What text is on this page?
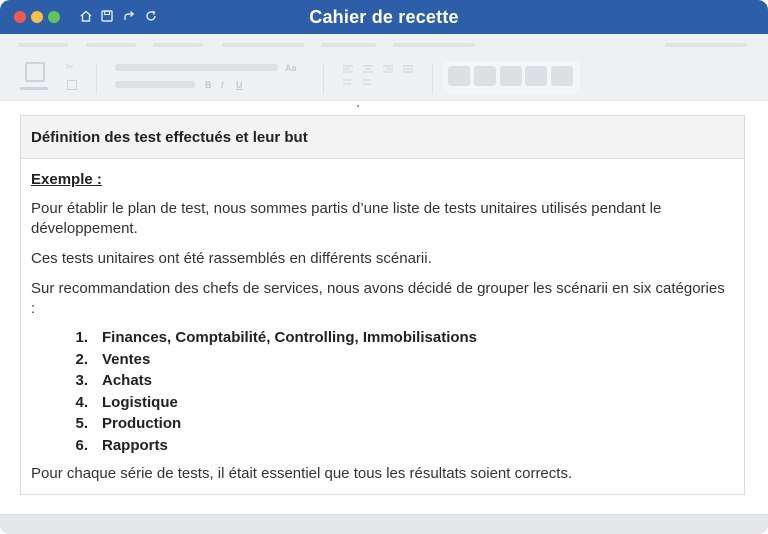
Cahier de recette
✂	Aa
B I U
Définition des test effectués et leur but
Exemple :
Pour établir le plan de test, nous sommes partis d’une liste de tests unitaires utilisés pendant le développement.
Ces tests unitaires ont été rassemblés en différents scénarii.
Sur recommandation des chefs de services, nous avons décidé de grouper les scénarii en six catégories :
1. Finances, Comptabilité, Controlling, Immobilisations
2. Ventes
3. Achats
4. Logistique
5. Production
6. Rapports
Pour chaque série de tests, il était essentiel que tous les résultats soient corrects.
